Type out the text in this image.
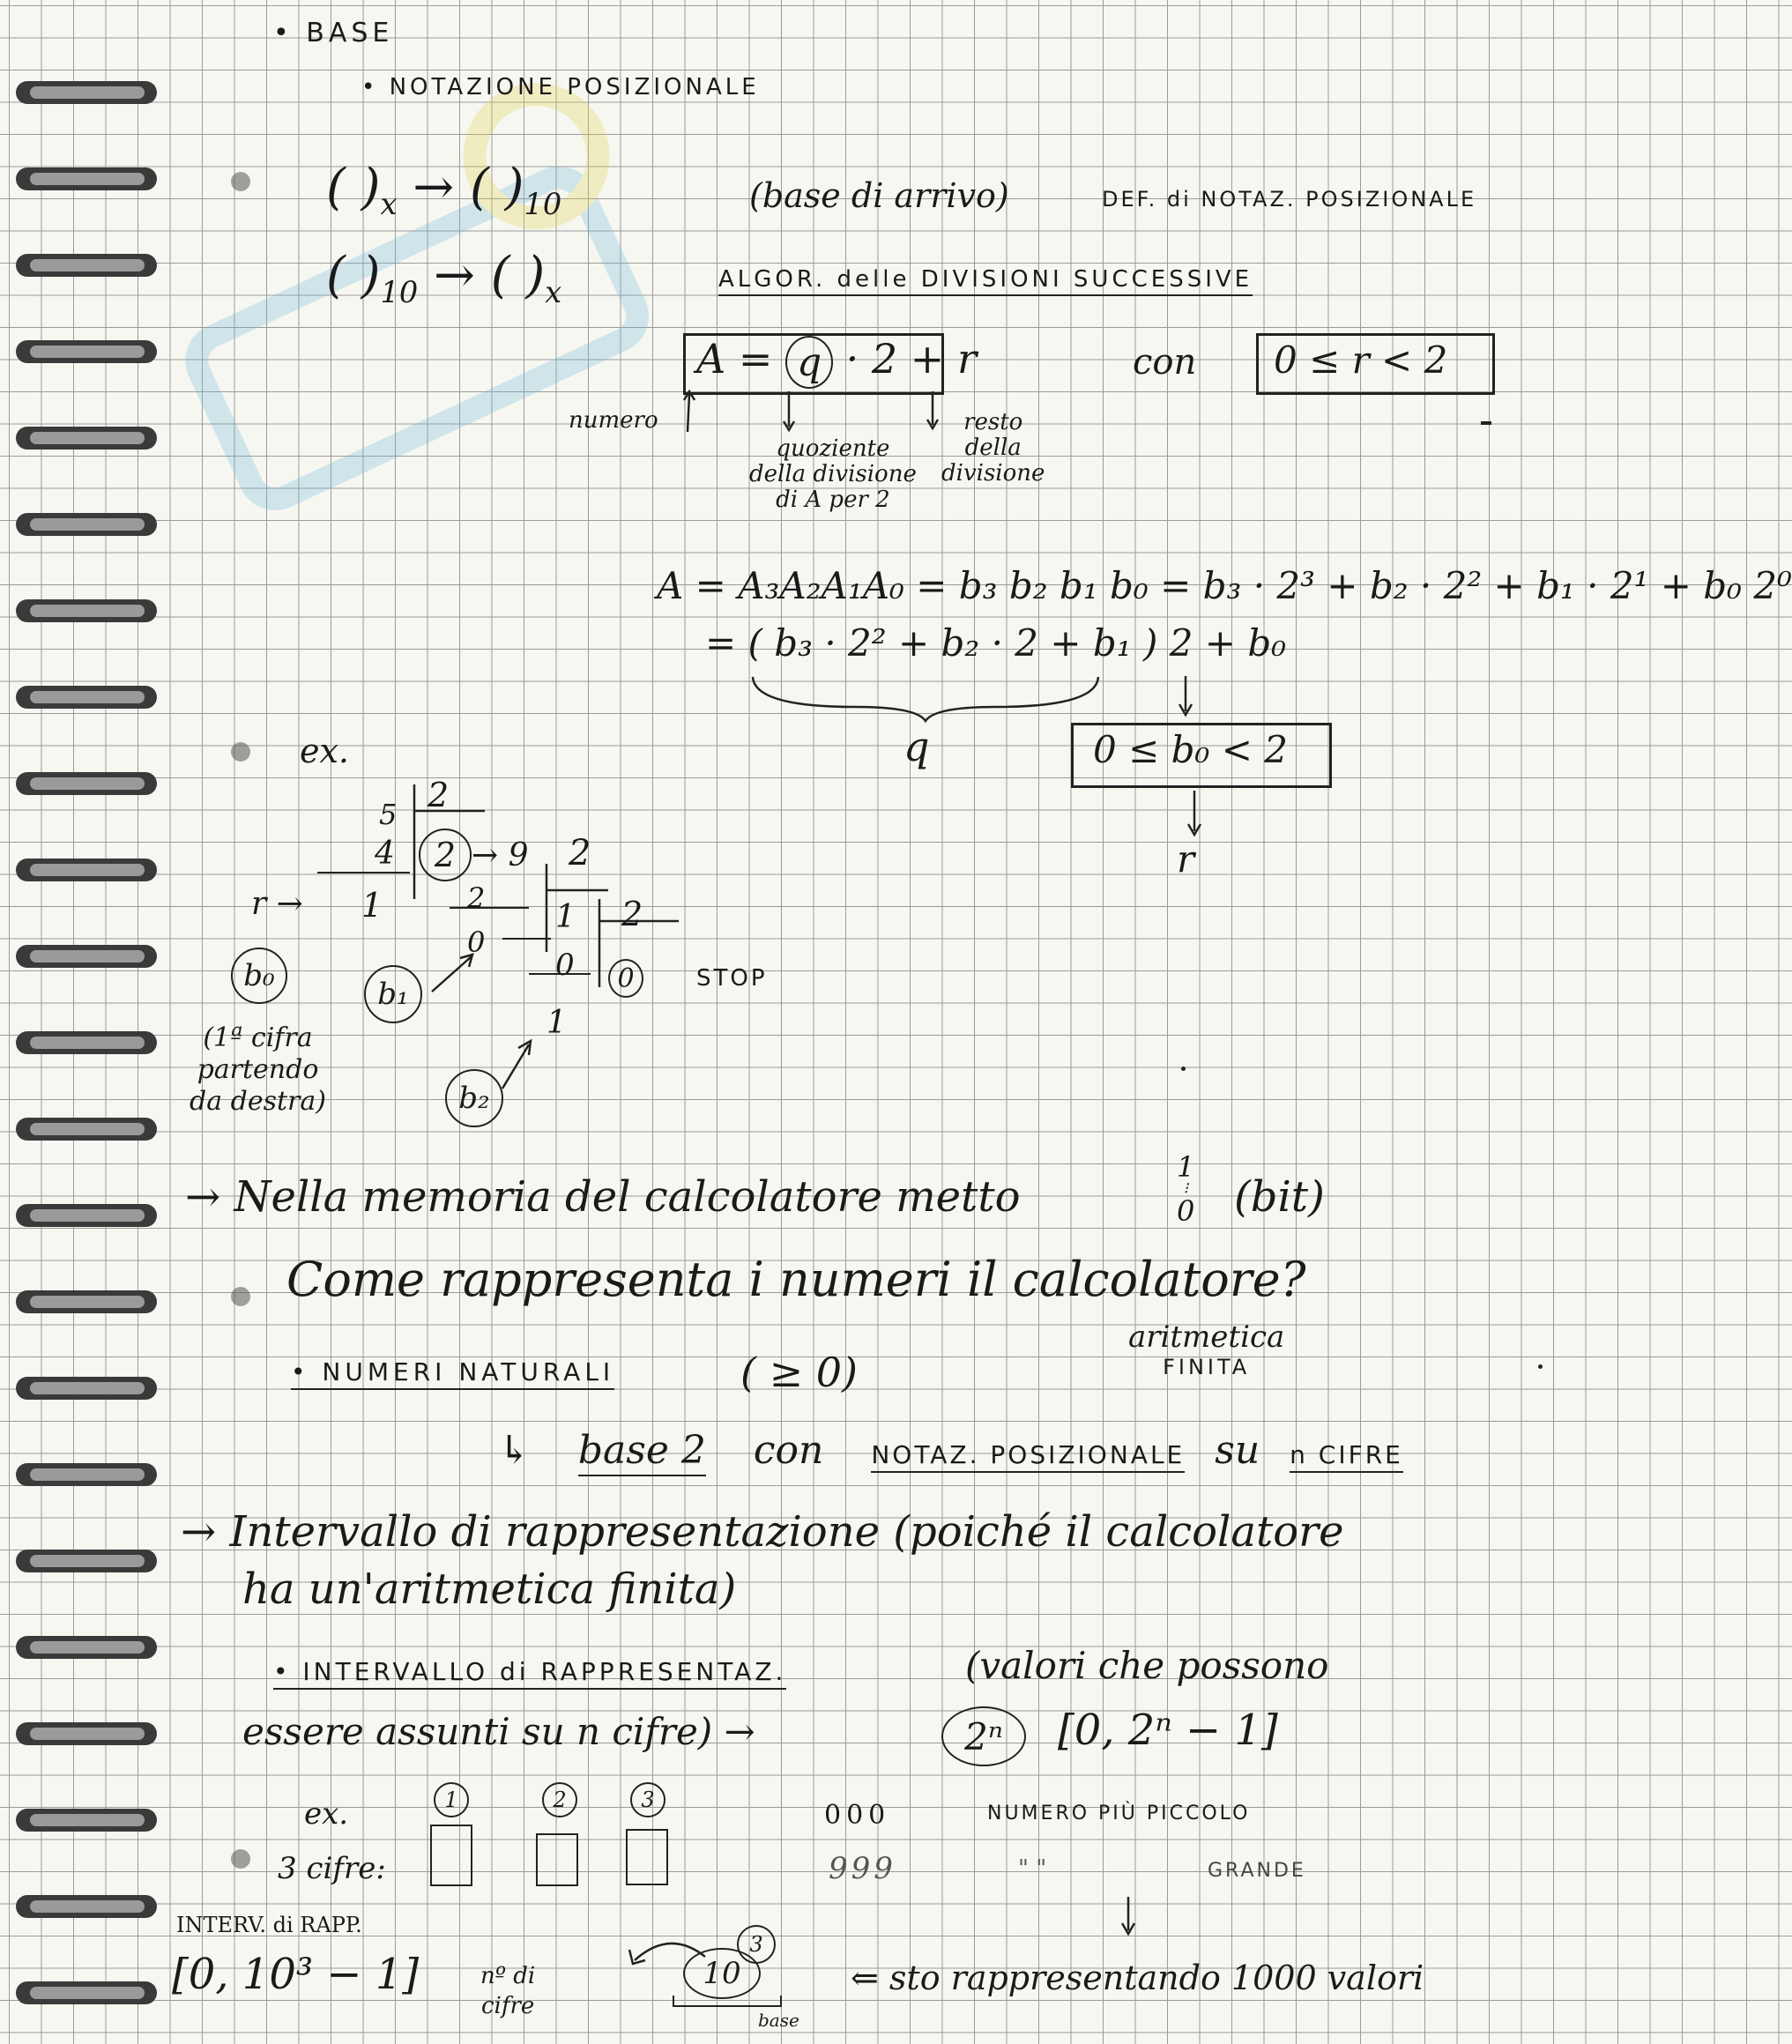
• BASE
• NOTAZIONE POSIZIONALE
( )$_x$ → ( )$_{10}$	(base di arrivo)	DEF. di NOTAZ. POSIZIONALE
( )$_{10}$ → ( )$_x$	ALGOR. delle DIVISIONI SUCCESSIVE
A = q · 2 + r	con 0 ≤ r < 2
numero
quoziente
della divisione
di A per 2
resto
della
divisione
A = A₃A₂A₁A₀ = b₃ b₂ b₁ b₀ = b₃ · 2³ + b₂ · 2² + b₁ · 2¹ + b₀ 2⁰
= ( b₃ · 2² + b₂ · 2 + b₁ ) 2 + b₀
q	0 ≤ b₀ < 2
r
ex.
5 2
4	2 → 9 2
r → 1	2
0
1 2
0	0	STOP
1
b₀
b₁
b₂
(1ª cifra
partendo
da destra)
→ Nella memoria del calcolatore metto
1
⁝
0 (bit)
Come rappresenta i numeri il calcolatore?
aritmetica
FINITA
• NUMERI NATURALI	( ≥ 0)
↳ base 2 con NOTAZ. POSIZIONALE su n CIFRE
→ Intervallo di rappresentazione (poiché il calcolatore
ha un'aritmetica finita)
• INTERVALLO di RAPPRESENTAZ.	(valori che possono
essere assunti su n cifre) →	2ⁿ	[0, 2ⁿ − 1]
ex.
3 cifre:
1	2	3	000	NUMERO PIÙ PICCOLO
999	" "	GRANDE
INTERV. di RAPP.
[0, 10³ − 1]	nº di
cifre
10
3
base
⇐ sto rappresentando 1000 valori
